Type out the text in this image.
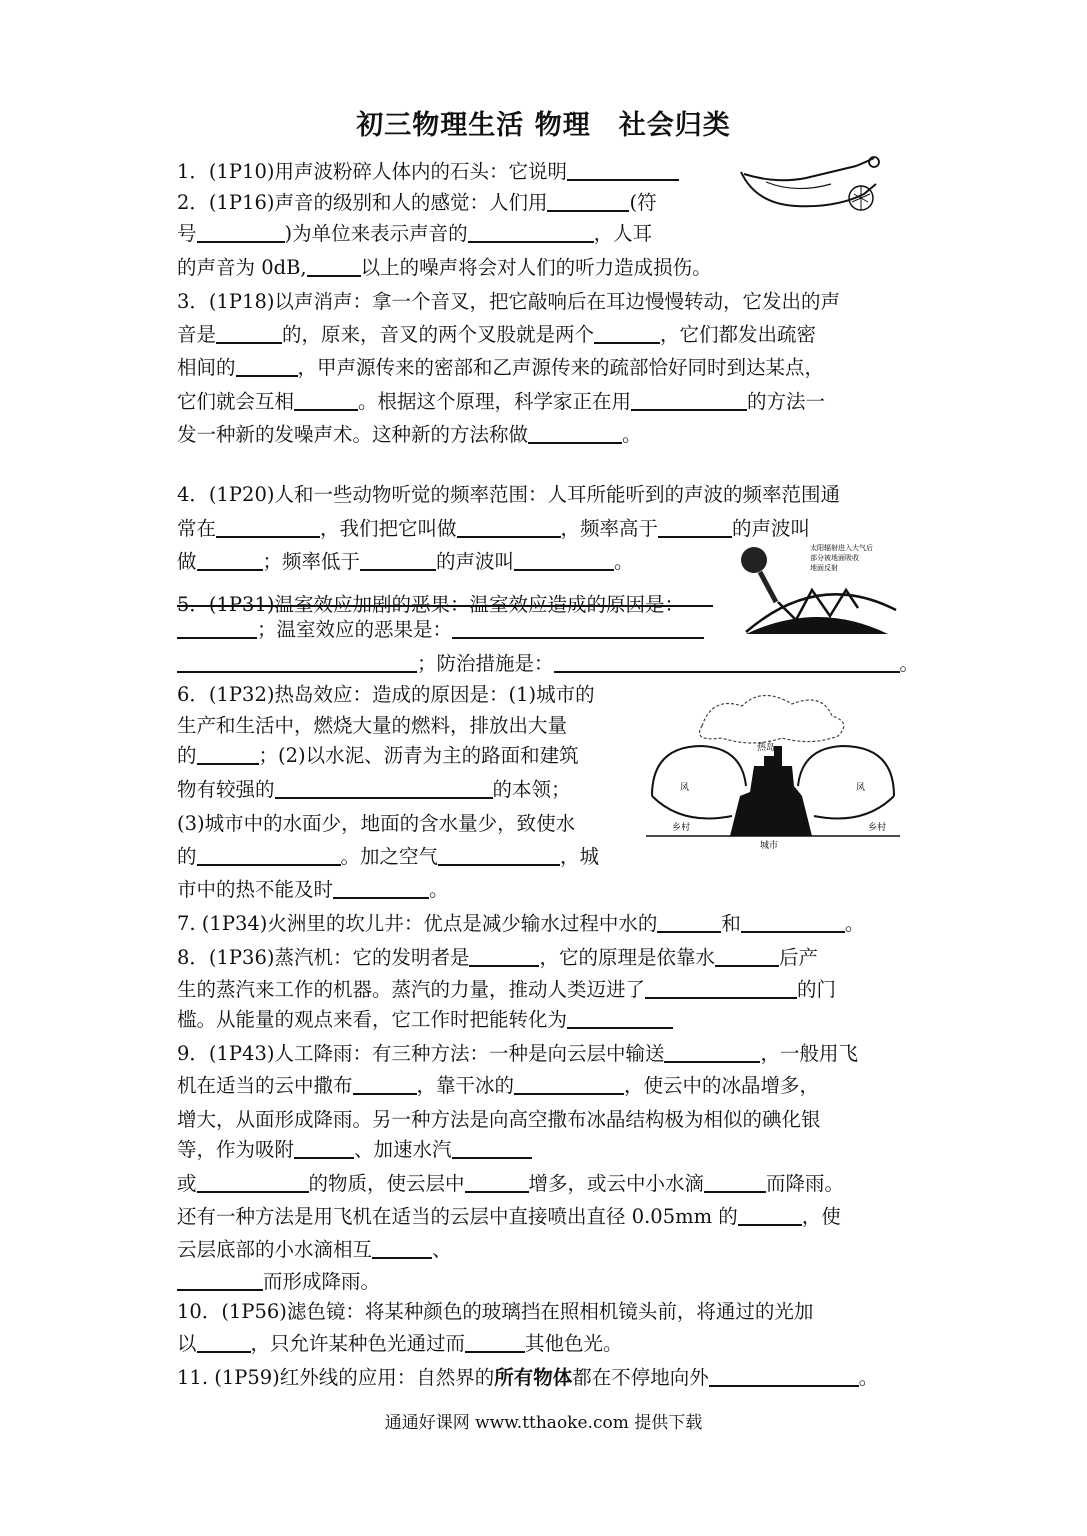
初三物理生活 物理　社会归类
1．(1P10)用声波粉碎人体内的石头：它说明
2．(1P16)声音的级别和人的感觉：人们用	(符
号	)为单位来表示声音的	，人耳
的声音为 0dB,	以上的噪声将会对人们的听力造成损伤。
3．(1P18)以声消声：拿一个音叉，把它敲响后在耳边慢慢转动，它发出的声
音是	的，原来，音叉的两个叉股就是两个	，它们都发出疏密
相间的	，甲声源传来的密部和乙声源传来的疏部恰好同时到达某点，
它们就会互相	。根据这个原理，科学家正在用	的方法一
发一种新的发噪声术。这种新的方法称做	。
4．(1P20)人和一些动物听觉的频率范围：人耳所能听到的声波的频率范围通
常在	，我们把它叫做	，频率高于	的声波叫
做	；频率低于	的声波叫	。
5．(1P31)温室效应加剧的恶果：温室效应造成的原因是：
；温室效应的恶果是：
；防治措施是：	。
6．(1P32)热岛效应：造成的原因是：(1)城市的
生产和生活中，燃烧大量的燃料，排放出大量
的	；(2)以水泥、沥青为主的路面和建筑
物有较强的	的本领；
(3)城市中的水面少，地面的含水量少，致使水
的	。加之空气	，城
市中的热不能及时	。
7. (1P34)火洲里的坎儿井：优点是减少输水过程中水的	和	。
8．(1P36)蒸汽机：它的发明者是	，它的原理是依靠水	后产
生的蒸汽来工作的机器。蒸汽的力量，推动人类迈进了	的门
槛。从能量的观点来看，它工作时把能转化为
9．(1P43)人工降雨：有三种方法：一种是向云层中输送	，一般用飞
机在适当的云中撒布	，靠干冰的	，使云中的冰晶增多，
增大，从面形成降雨。另一种方法是向高空撒布冰晶结构极为相似的碘化银
等，作为吸附	、加速水汽
或	的物质，使云层中	增多，或云中小水滴	而降雨。
还有一种方法是用飞机在适当的云层中直接喷出直径 0.05mm 的	，使
云层底部的小水滴相互	、
而形成降雨。
10．(1P56)滤色镜：将某种颜色的玻璃挡在照相机镜头前，将通过的光加
以	，只允许某种色光通过而	其他色光。
11. (1P59)红外线的应用：自然界的所有物体都在不停地向外	。
太阳辐射进入大气后
部分被地面吸收
地面反射
热岛
风	风
乡村	乡村
城市
通通好课网 www.tthaoke.com 提供下载
